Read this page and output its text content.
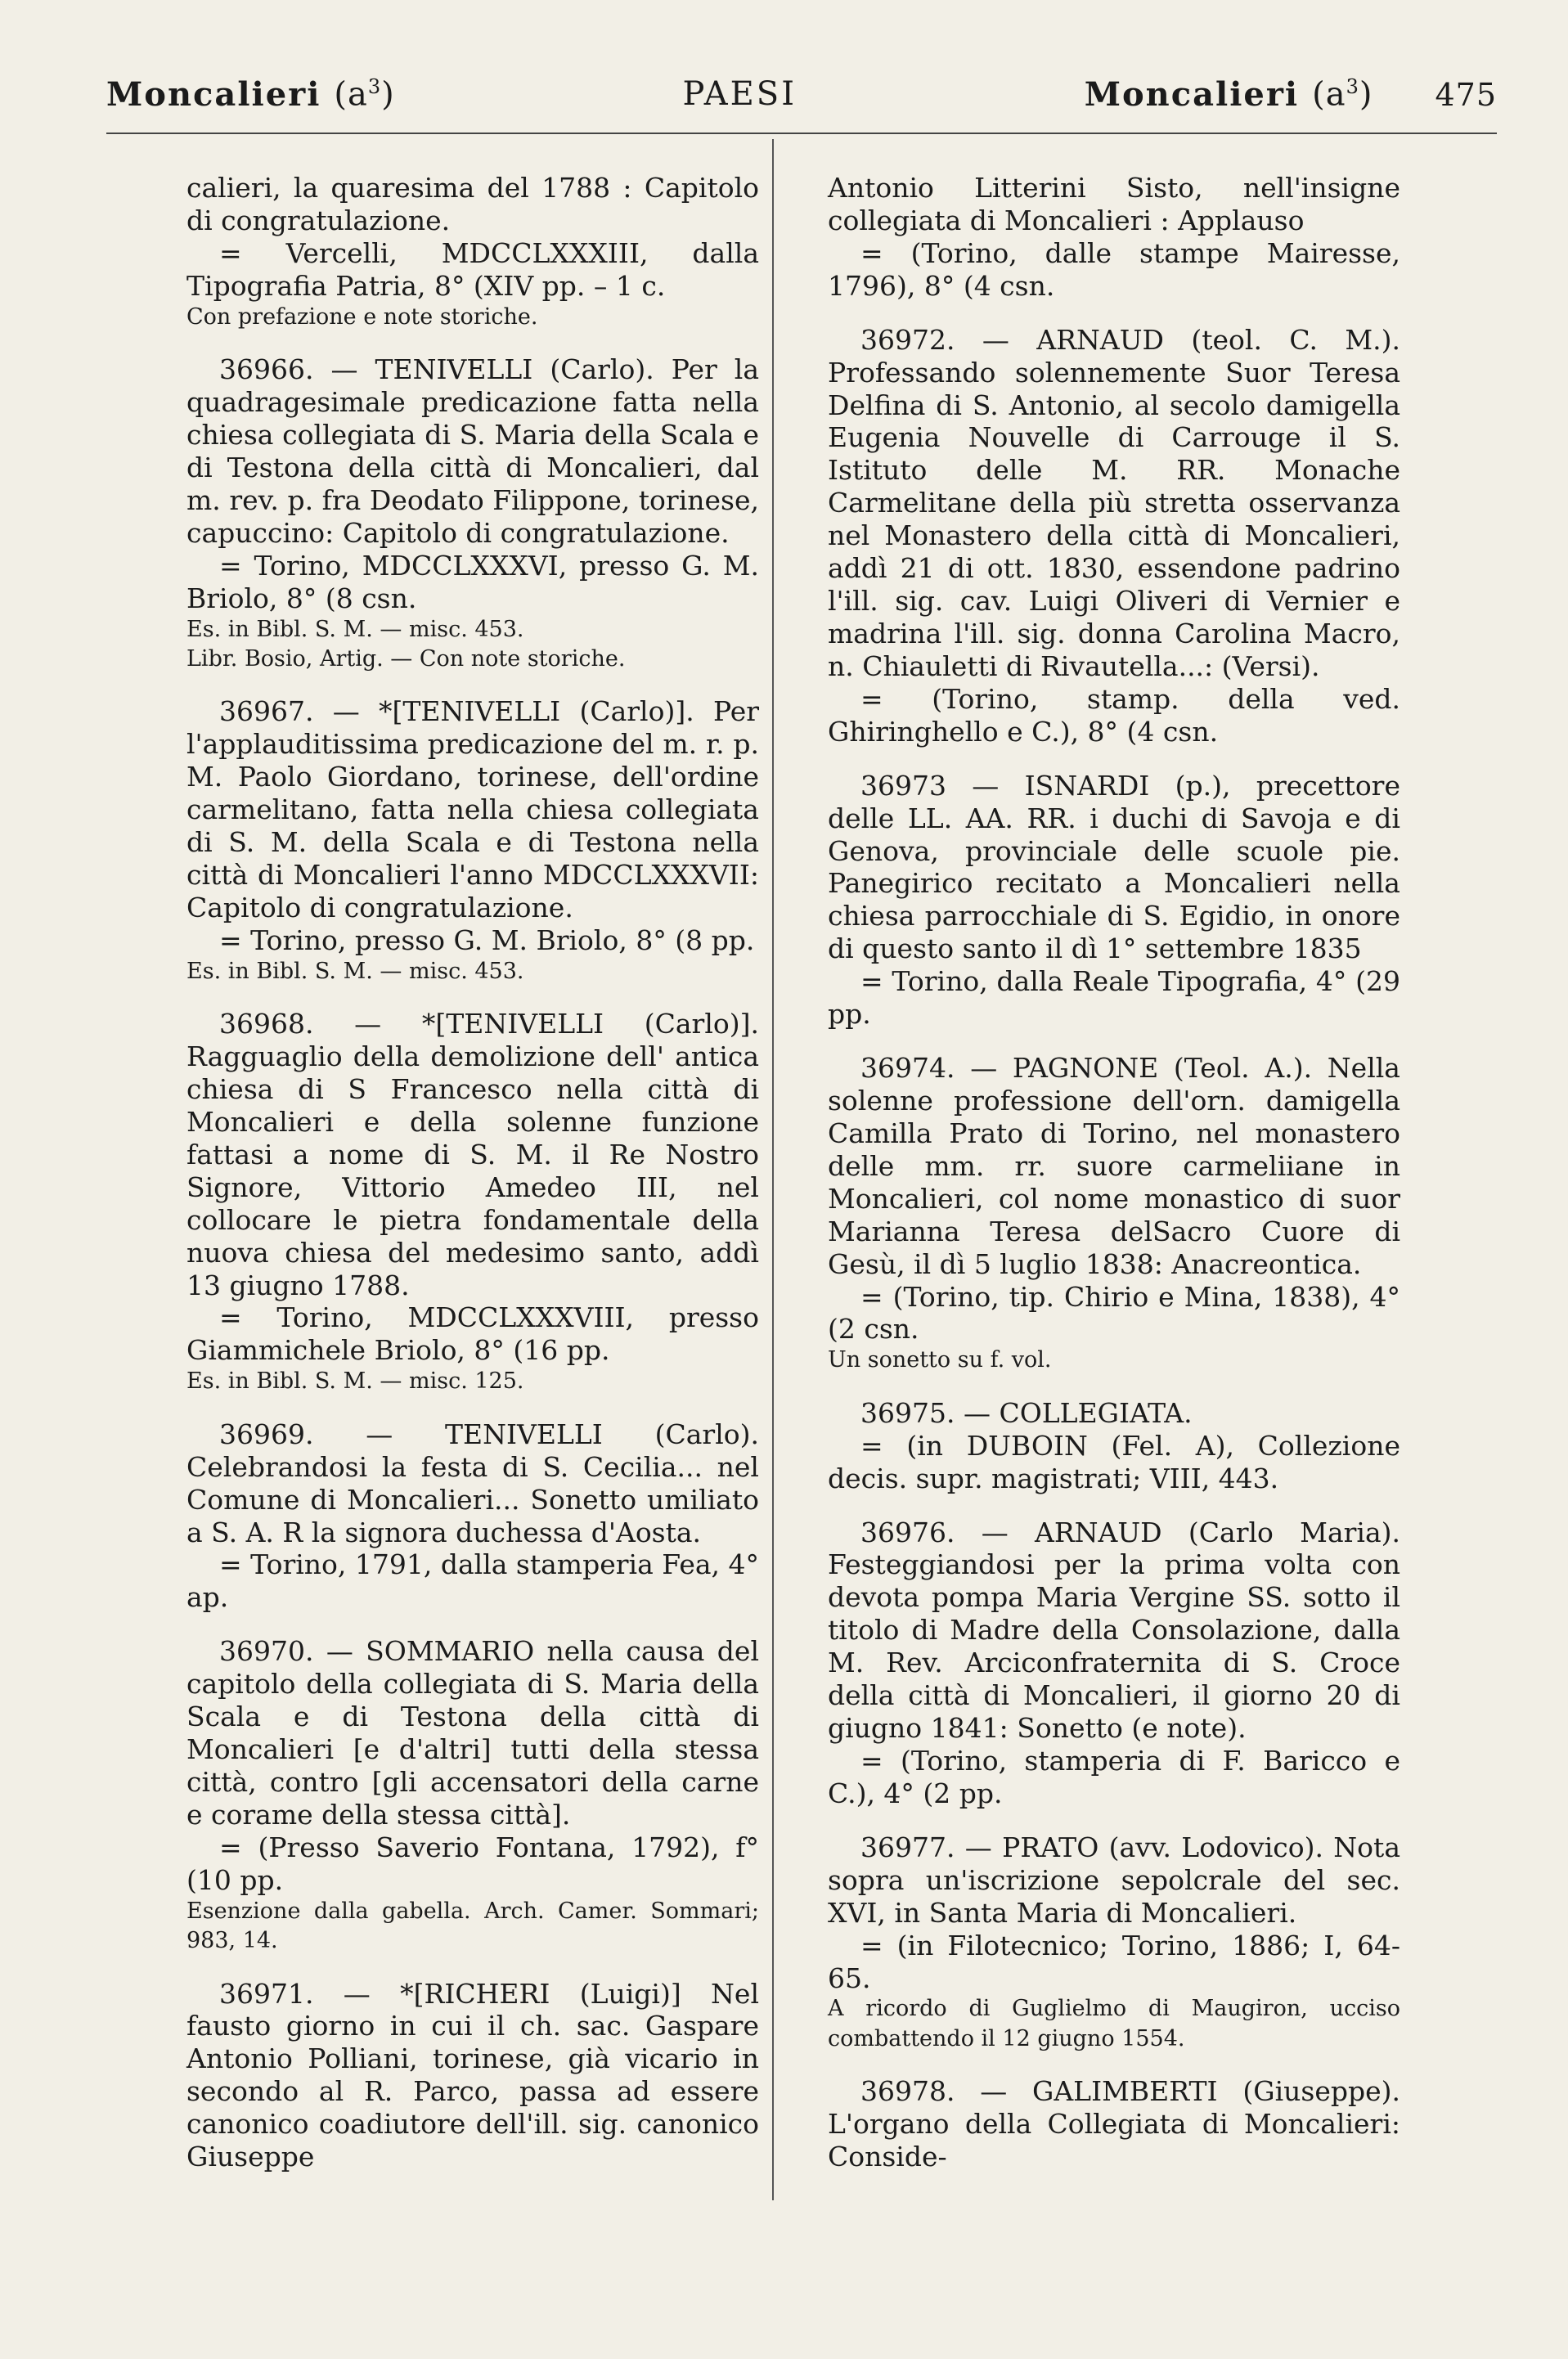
Moncalieri $(a^3)$	PAESI	Moncalieri $(a^3)$ 475

calieri, la quaresima del 1788 : Capitolo di congratulazione.

= Vercelli, MDCCLXXXIII, dalla Tipografia Patria, 8° (XIV pp. – 1 c.

Con prefazione e note storiche.

36966. — TENIVELLI (Carlo). Per la quadragesimale predicazione fatta nella chiesa collegiata di S. Maria della Scala e di Testona della città di Moncalieri, dal m. rev. p. fra Deodato Filippone, torinese, capuccino: Capitolo di congratulazione.

= Torino, MDCCLXXXVI, presso G. M. Briolo, 8° (8 csn.

Es. in Bibl. S. M. — misc. 453.

Libr. Bosio, Artig. — Con note storiche.

36967. — *[TENIVELLI (Carlo)]. Per l'applauditissima predicazione del m. r. p. M. Paolo Giordano, torinese, dell'ordine carmelitano, fatta nella chiesa collegiata di S. M. della Scala e di Testona nella città di Moncalieri l'anno MDCCLXXXVII: Capitolo di congratulazione.

= Torino, presso G. M. Briolo, 8° (8 pp.

Es. in Bibl. S. M. — misc. 453.

36968. — *[TENIVELLI (Carlo)]. Ragguaglio della demolizione dell' antica chiesa di S Francesco nella città di Moncalieri e della solenne funzione fattasi a nome di S. M. il Re Nostro Signore, Vittorio Amedeo III, nel collocare le pietra fondamentale della nuova chiesa del medesimo santo, addì 13 giugno 1788.

= Torino, MDCCLXXXVIII, presso Giammichele Briolo, 8° (16 pp.

Es. in Bibl. S. M. — misc. 125.

36969. — TENIVELLI (Carlo). Celebrandosi la festa di S. Cecilia... nel Comune di Moncalieri... Sonetto umiliato a S. A. R la signora duchessa d'Aosta.

= Torino, 1791, dalla stamperia Fea, 4° ap.

36970. — SOMMARIO nella causa del capitolo della collegiata di S. Maria della Scala e di Testona della città di Moncalieri [e d'altri] tutti della stessa città, contro [gli accensatori della carne e corame della stessa città].

= (Presso Saverio Fontana, 1792), f° (10 pp.

Esenzione dalla gabella. Arch. Camer. Sommari; 983, 14.

36971. — *[RICHERI (Luigi)] Nel fausto giorno in cui il ch. sac. Gaspare Antonio Polliani, torinese, già vicario in secondo al R. Parco, passa ad essere canonico coadiutore dell'ill. sig. canonico Giuseppe

Antonio Litterini Sisto, nell'insigne collegiata di Moncalieri : Applauso

= (Torino, dalle stampe Mairesse, 1796), 8° (4 csn.

36972. — ARNAUD (teol. C. M.). Professando solennemente Suor Teresa Delfina di S. Antonio, al secolo damigella Eugenia Nouvelle di Carrouge il S. Istituto delle M. RR. Monache Carmelitane della più stretta osservanza nel Monastero della città di Moncalieri, addì 21 di ott. 1830, essendone padrino l'ill. sig. cav. Luigi Oliveri di Vernier e madrina l'ill. sig. donna Carolina Macro, n. Chiauletti di Rivautella...: (Versi).

= (Torino, stamp. della ved. Ghiringhello e C.), 8° (4 csn.

36973 — ISNARDI (p.), precettore delle LL. AA. RR. i duchi di Savoja e di Genova, provinciale delle scuole pie. Panegirico recitato a Moncalieri nella chiesa parrocchiale di S. Egidio, in onore di questo santo il dì 1° settembre 1835

= Torino, dalla Reale Tipografia, 4° (29 pp.

36974. — PAGNONE (Teol. A.). Nella solenne professione dell'orn. damigella Camilla Prato di Torino, nel monastero delle mm. rr. suore carmeliiane in Moncalieri, col nome monastico di suor Marianna Teresa delSacro Cuore di Gesù, il dì 5 luglio 1838: Anacreontica.

= (Torino, tip. Chirio e Mina, 1838), 4° (2 csn.

Un sonetto su f. vol.

36975. — COLLEGIATA.

= (in DUBOIN (Fel. A), Collezione decis. supr. magistrati; VIII, 443.

36976. — ARNAUD (Carlo Maria). Festeggiandosi per la prima volta con devota pompa Maria Vergine SS. sotto il titolo di Madre della Consolazione, dalla M. Rev. Arciconfraternita di S. Croce della città di Moncalieri, il giorno 20 di giugno 1841: Sonetto (e note).

= (Torino, stamperia di F. Baricco e C.), 4° (2 pp.

36977. — PRATO (avv. Lodovico). Nota sopra un'iscrizione sepolcrale del sec. XVI, in Santa Maria di Moncalieri.

= (in Filotecnico; Torino, 1886; I, 64-65.

A ricordo di Guglielmo di Maugiron, ucciso combattendo il 12 giugno 1554.

36978. — GALIMBERTI (Giuseppe). L'organo della Collegiata di Moncalieri: Conside-
